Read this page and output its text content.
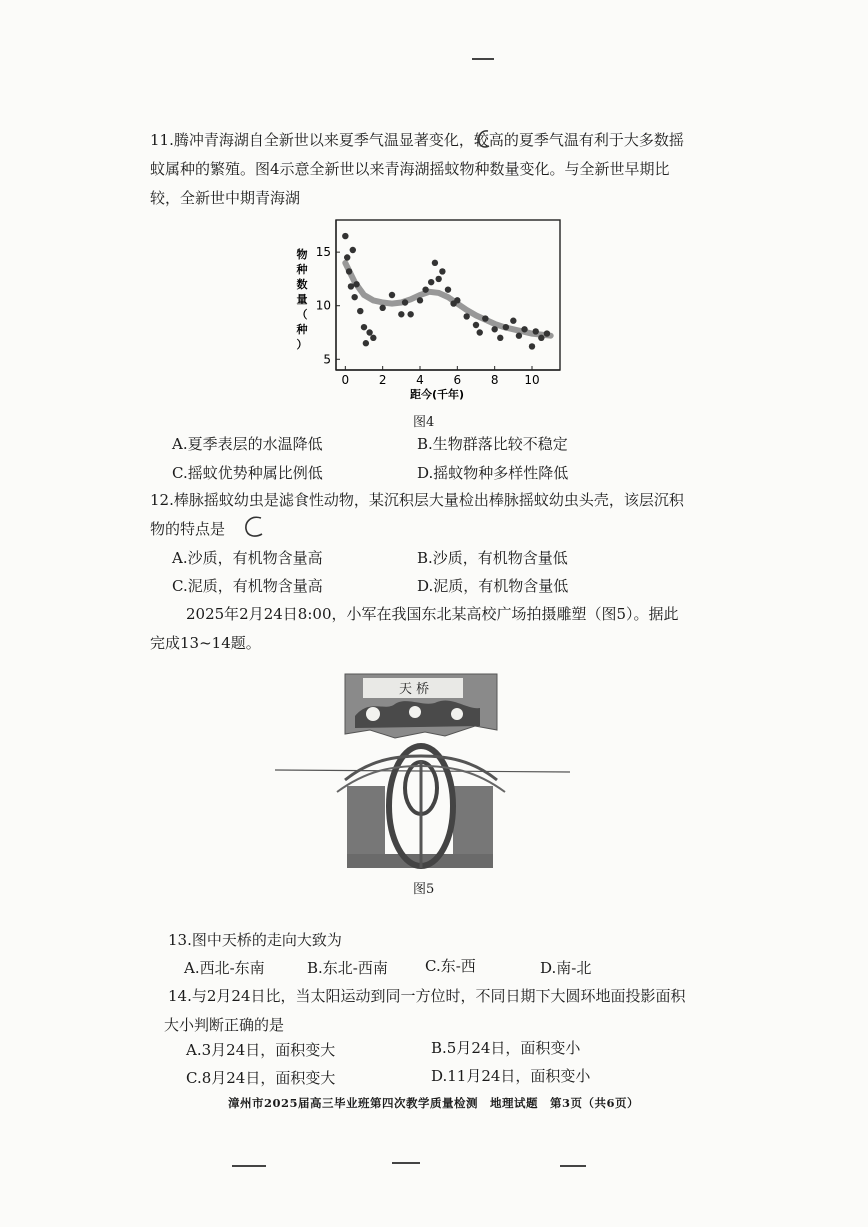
11.腾冲青海湖自全新世以来夏季气温显著变化，较高的夏季气温有利于大多数摇
蚊属种的繁殖。图4示意全新世以来青海湖摇蚊物种数量变化。与全新世早期比
较，全新世中期青海湖
15
10
5
0 2 4 6 8 10
距今(千年)
物
种
数
量
（
种
）
图4
A.夏季表层的水温降低	B.生物群落比较不稳定
C.摇蚊优势种属比例低	D.摇蚊物种多样性降低
12.棒脉摇蚊幼虫是滤食性动物，某沉积层大量检出棒脉摇蚊幼虫头壳，该层沉积
物的特点是
A.沙质，有机物含量高	B.沙质，有机物含量低
C.泥质，有机物含量高	D.泥质，有机物含量低
2025年2月24日8:00，小军在我国东北某高校广场拍摄雕塑（图5）。据此
完成13~14题。
天 桥
图5
13.图中天桥的走向大致为
A.西北-东南	B.东北-西南 C.东-西	D.南-北
14.与2月24日比，当太阳运动到同一方位时，不同日期下大圆环地面投影面积
大小判断正确的是
A.3月24日，面积变大	B.5月24日，面积变小
C.8月24日，面积变大	D.11月24日，面积变小
漳州市2025届高三毕业班第四次教学质量检测　地理试题　第3页（共6页）
